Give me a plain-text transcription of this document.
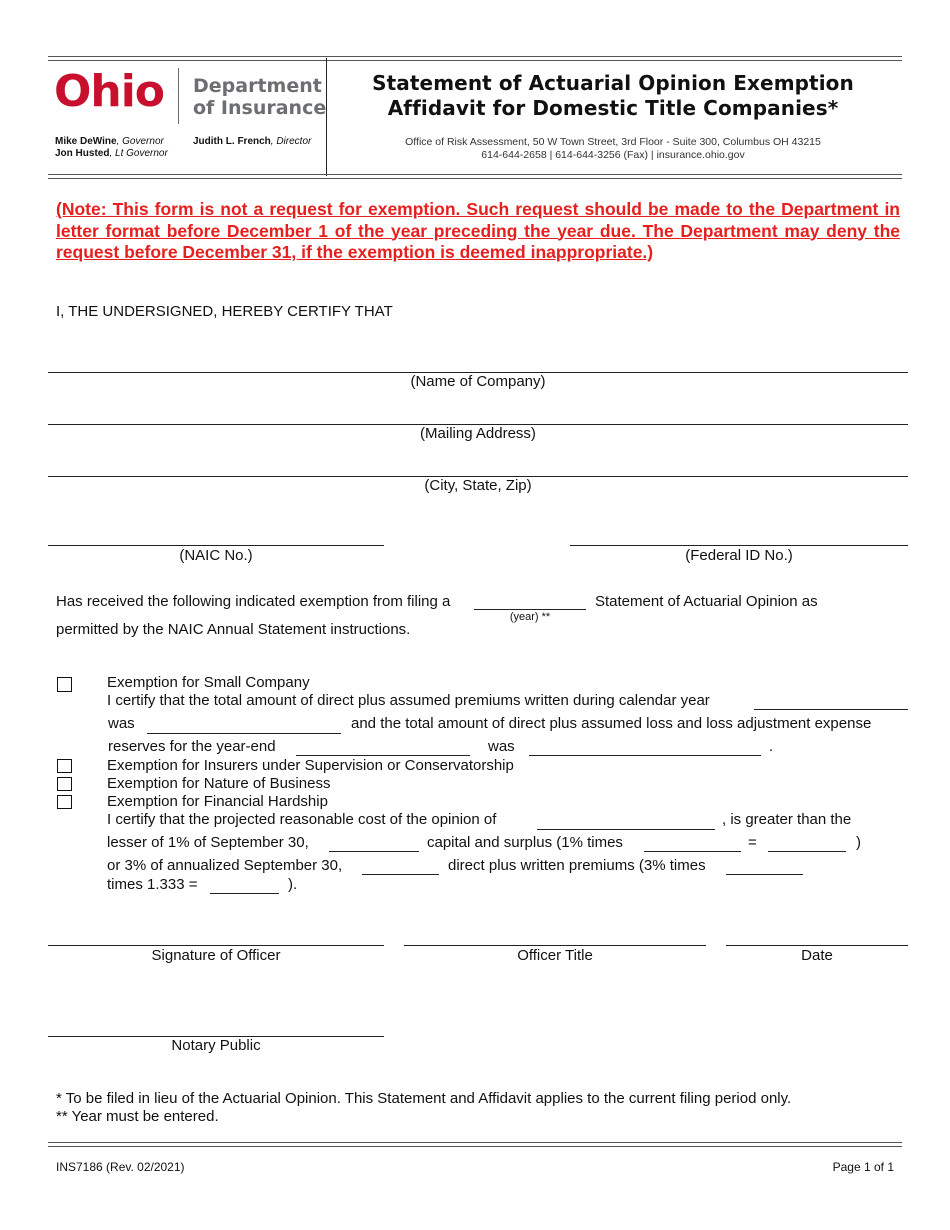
Ohio Department
of Insurance
Mike DeWine, Governor
Jon Husted, Lt Governor
Judith L. French, Director
Statement of Actuarial Opinion Exemption
Affidavit for Domestic Title Companies*
Office of Risk Assessment, 50 W Town Street, 3rd Floor - Suite 300, Columbus OH 43215
614-644-2658 | 614-644-3256 (Fax) | insurance.ohio.gov
(Note: This form is not a request for exemption. Such request should be made to the Department in letter format before December 1 of the year preceding the year due. The Department may deny the request before December 31, if the exemption is deemed inappropriate.)
I, THE UNDERSIGNED, HEREBY CERTIFY THAT
(Name of Company)
(Mailing Address)
(City, State, Zip)
(NAIC No.)	(Federal ID No.)
Has received the following indicated exemption from filing a
(year) **
Statement of Actuarial Opinion as
permitted by the NAIC Annual Statement instructions.
Exemption for Small Company
I certify that the total amount of direct plus assumed premiums written during calendar year
was	and the total amount of direct plus assumed loss and loss adjustment expense
reserves for the year-end	was	.
Exemption for Insurers under Supervision or Conservatorship
Exemption for Nature of Business
Exemption for Financial Hardship
I certify that the projected reasonable cost of the opinion of	, is greater than the
lesser of 1% of September 30,	capital and surplus (1% times	=	)
or 3% of annualized September 30,	direct plus written premiums (3% times
times 1.333 =	).
Signature of Officer	Officer Title	Date
Notary Public
* To be filed in lieu of the Actuarial Opinion. This Statement and Affidavit applies to the current filing period only.
** Year must be entered.
INS7186 (Rev. 02/2021)	Page 1 of 1
